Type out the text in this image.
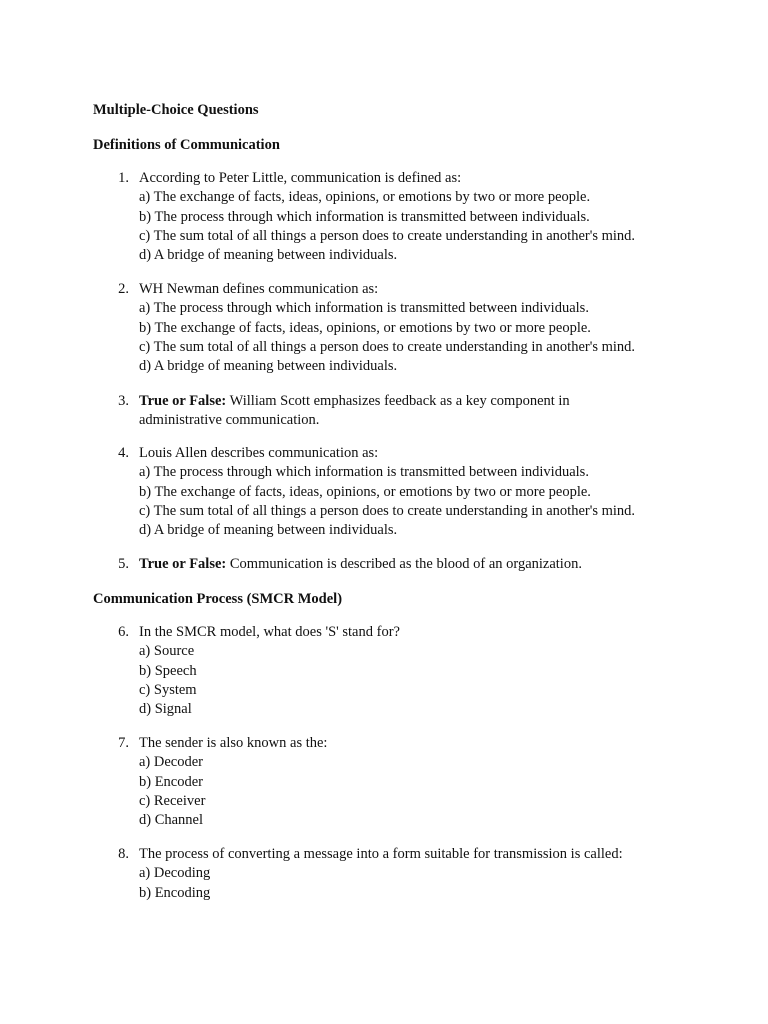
Multiple-Choice Questions
Definitions of Communication
1. According to Peter Little, communication is defined as:
a) The exchange of facts, ideas, opinions, or emotions by two or more people.
b) The process through which information is transmitted between individuals.
c) The sum total of all things a person does to create understanding in another's mind.
d) A bridge of meaning between individuals.
2. WH Newman defines communication as:
a) The process through which information is transmitted between individuals.
b) The exchange of facts, ideas, opinions, or emotions by two or more people.
c) The sum total of all things a person does to create understanding in another's mind.
d) A bridge of meaning between individuals.
3. True or False: William Scott emphasizes feedback as a key component in administrative communication.
4. Louis Allen describes communication as:
a) The process through which information is transmitted between individuals.
b) The exchange of facts, ideas, opinions, or emotions by two or more people.
c) The sum total of all things a person does to create understanding in another's mind.
d) A bridge of meaning between individuals.
5. True or False: Communication is described as the blood of an organization.
Communication Process (SMCR Model)
6. In the SMCR model, what does 'S' stand for?
a) Source
b) Speech
c) System
d) Signal
7. The sender is also known as the:
a) Decoder
b) Encoder
c) Receiver
d) Channel
8. The process of converting a message into a form suitable for transmission is called:
a) Decoding
b) Encoding
